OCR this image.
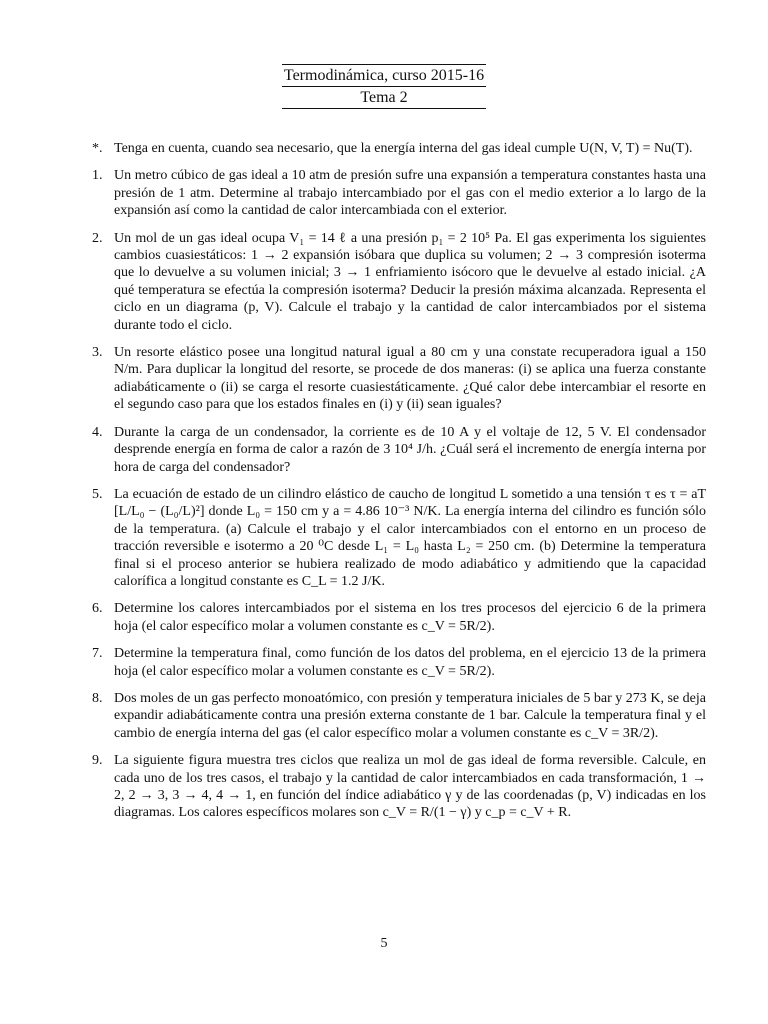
Termodinámica, curso 2015-16
Tema 2
*. Tenga en cuenta, cuando sea necesario, que la energía interna del gas ideal cumple U(N, V, T) = Nu(T).
1. Un metro cúbico de gas ideal a 10 atm de presión sufre una expansión a temperatura constantes hasta una presión de 1 atm. Determine al trabajo intercambiado por el gas con el medio exterior a lo largo de la expansión así como la cantidad de calor intercambiada con el exterior.
2. Un mol de un gas ideal ocupa V₁ = 14 ℓ a una presión p₁ = 2 10⁵ Pa. El gas experimenta los siguientes cambios cuasiestáticos: 1 → 2 expansión isóbara que duplica su volumen; 2 → 3 compresión isoterma que lo devuelve a su volumen inicial; 3 → 1 enfriamiento isócoro que le devuelve al estado inicial. ¿A qué temperatura se efectúa la compresión isoterma? Deducir la presión máxima alcanzada. Representa el ciclo en un diagrama (p, V). Calcule el trabajo y la cantidad de calor intercambiados por el sistema durante todo el ciclo.
3. Un resorte elástico posee una longitud natural igual a 80 cm y una constate recuperadora igual a 150 N/m. Para duplicar la longitud del resorte, se procede de dos maneras: (i) se aplica una fuerza constante adiabáticamente o (ii) se carga el resorte cuasiestáticamente. ¿Qué calor debe intercambiar el resorte en el segundo caso para que los estados finales en (i) y (ii) sean iguales?
4. Durante la carga de un condensador, la corriente es de 10 A y el voltaje de 12, 5 V. El condensador desprende energía en forma de calor a razón de 3 10⁴ J/h. ¿Cuál será el incremento de energía interna por hora de carga del condensador?
5. La ecuación de estado de un cilindro elástico de caucho de longitud L sometido a una tensión τ es τ = aT [L/L₀ − (L₀/L)²] donde L₀ = 150 cm y a = 4.86 10⁻³ N/K. La energía interna del cilindro es función sólo de la temperatura. (a) Calcule el trabajo y el calor intercambiados con el entorno en un proceso de tracción reversible e isotermo a 20 ⁰C desde L₁ = L₀ hasta L₂ = 250 cm. (b) Determine la temperatura final si el proceso anterior se hubiera realizado de modo adiabático y admitiendo que la capacidad calorífica a longitud constante es C_L = 1.2 J/K.
6. Determine los calores intercambiados por el sistema en los tres procesos del ejercicio 6 de la primera hoja (el calor específico molar a volumen constante es c_V = 5R/2).
7. Determine la temperatura final, como función de los datos del problema, en el ejercicio 13 de la primera hoja (el calor específico molar a volumen constante es c_V = 5R/2).
8. Dos moles de un gas perfecto monoatómico, con presión y temperatura iniciales de 5 bar y 273 K, se deja expandir adiabáticamente contra una presión externa constante de 1 bar. Calcule la temperatura final y el cambio de energía interna del gas (el calor específico molar a volumen constante es c_V = 3R/2).
9. La siguiente figura muestra tres ciclos que realiza un mol de gas ideal de forma reversible. Calcule, en cada uno de los tres casos, el trabajo y la cantidad de calor intercambiados en cada transformación, 1 → 2, 2 → 3, 3 → 4, 4 → 1, en función del índice adiabático γ y de las coordenadas (p, V) indicadas en los diagramas. Los calores específicos molares son c_V = R/(1 − γ) y c_p = c_V + R.
5
